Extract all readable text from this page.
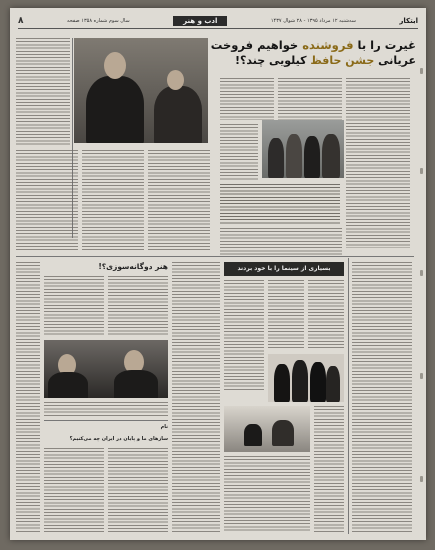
ابتکار
سه‌شنبه ۱۲ مرداد ۱۳۹۵ - ۲۸ شوال ۱۴۳۷
ادب و هنر
سال سوم شماره ۱۳۵۸ صفحه
۸
غیرت را با فروشنده خواهیم فروخت
عریانی جشن حافظ کیلویی چند؟!
هنر دوگانه‌سوزی؟!
نام
سازهای ما و پایان در ایران چه می‌کنیم؟
بسیاری از سینما را با خود بردند
